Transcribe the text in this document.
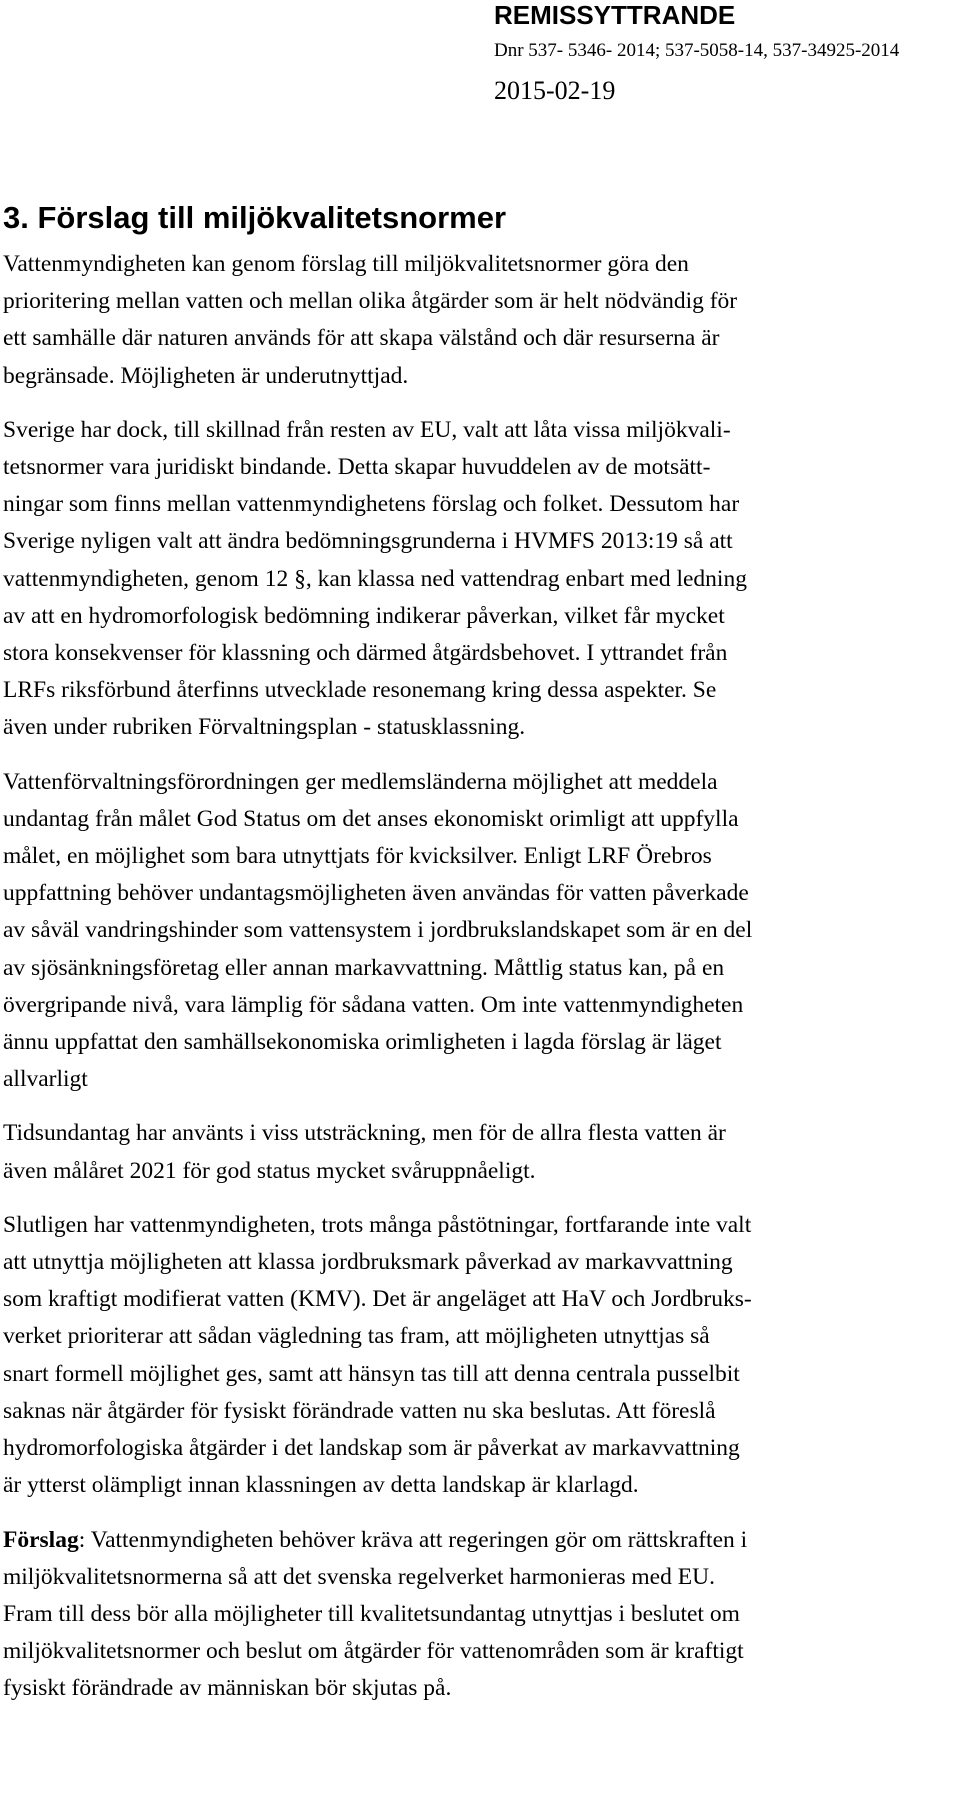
REMISSYTTRANDE
Dnr 537- 5346- 2014; 537-5058-14, 537-34925-2014
2015-02-19
3. Förslag till miljökvalitetsnormer

Vattenmyndigheten kan genom förslag till miljökvalitetsnormer göra den
prioritering mellan vatten och mellan olika åtgärder som är helt nödvändig för
ett samhälle där naturen används för att skapa välstånd och där resurserna är
begränsade. Möjligheten är underutnyttjad.

Sverige har dock, till skillnad från resten av EU, valt att låta vissa miljökvali-
tetsnormer vara juridiskt bindande. Detta skapar huvuddelen av de motsätt-
ningar som finns mellan vattenmyndighetens förslag och folket. Dessutom har
Sverige nyligen valt att ändra bedömningsgrunderna i HVMFS 2013:19 så att
vattenmyndigheten, genom 12 §, kan klassa ned vattendrag enbart med ledning
av att en hydromorfologisk bedömning indikerar påverkan, vilket får mycket
stora konsekvenser för klassning och därmed åtgärdsbehovet. I yttrandet från
LRFs riksförbund återfinns utvecklade resonemang kring dessa aspekter. Se
även under rubriken Förvaltningsplan - statusklassning.

Vattenförvaltningsförordningen ger medlemsländerna möjlighet att meddela
undantag från målet God Status om det anses ekonomiskt orimligt att uppfylla
målet, en möjlighet som bara utnyttjats för kvicksilver. Enligt LRF Örebros
uppfattning behöver undantagsmöjligheten även användas för vatten påverkade
av såväl vandringshinder som vattensystem i jordbrukslandskapet som är en del
av sjösänkningsföretag eller annan markavvattning. Måttlig status kan, på en
övergripande nivå, vara lämplig för sådana vatten. Om inte vattenmyndigheten
ännu uppfattat den samhällsekonomiska orimligheten i lagda förslag är läget
allvarligt

Tidsundantag har använts i viss utsträckning, men för de allra flesta vatten är
även målåret 2021 för god status mycket svåruppnåeligt.

Slutligen har vattenmyndigheten, trots många påstötningar, fortfarande inte valt
att utnyttja möjligheten att klassa jordbruksmark påverkad av markavvattning
som kraftigt modifierat vatten (KMV). Det är angeläget att HaV och Jordbruks-
verket prioriterar att sådan vägledning tas fram, att möjligheten utnyttjas så
snart formell möjlighet ges, samt att hänsyn tas till att denna centrala pusselbit
saknas när åtgärder för fysiskt förändrade vatten nu ska beslutas. Att föreslå
hydromorfologiska åtgärder i det landskap som är påverkat av markavvattning
är ytterst olämpligt innan klassningen av detta landskap är klarlagd.

Förslag: Vattenmyndigheten behöver kräva att regeringen gör om rättskraften i
miljökvalitetsnormerna så att det svenska regelverket harmonieras med EU.
Fram till dess bör alla möjligheter till kvalitetsundantag utnyttjas i beslutet om
miljökvalitetsnormer och beslut om åtgärder för vattenområden som är kraftigt
fysiskt förändrade av människan bör skjutas på.
